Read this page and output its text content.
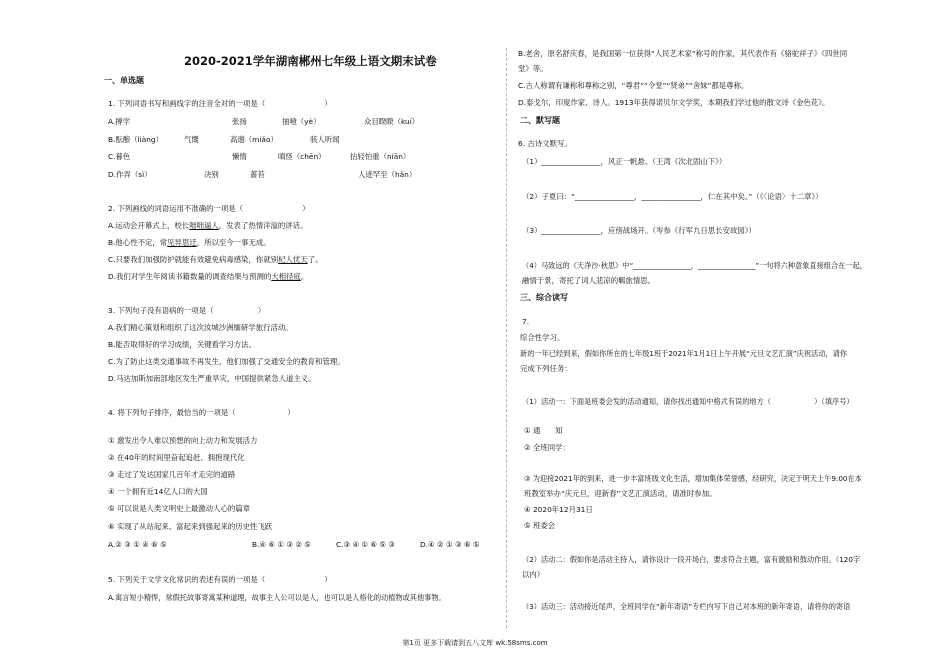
2020-2021学年湖南郴州七年级上语文期末试卷
一、单选题
1. 下列词语书写和画线字的注音全对的一项是（　　　　　　　　）
A.搏学	张扬	抽噎（yè）	众目睽睽（kuí）
B.酝酿（liàng）	气慨	高邈（miǎo）	骇人听闻
C.暮色	懒惰	嗔怪（chēn）	拈轻怕重（niān）
D.作弄（sì）	决别	蔷苔	人迹罕至（hǎn）
2. 下列画线的词语运用不准确的一项是（　　　　　　　　）
A.运动会开幕式上，校长咄咄逼人，发表了热情洋溢的讲话。
B.他心性不定，常见异思迁，所以至今一事无成。
C.只要我们加强防护就能有效避免病毒感染，你就别杞人忧天了。
D.我们对学生年阅读书籍数量的调查结果与预测的大相径庭。
3. 下列句子没有语病的一项是（　　　　　　）
A.我们精心策划和组织了这次汝城沙洲缅研学旅行活动。
B.能否取得好的学习成绩，关键看学习方法。
C.为了防止这类交通事故不再发生，他们加强了交通安全的教育和管理。
D.马达加斯加南部地区发生严重旱灾，中国提供紧急人道主义。
4. 将下列句子排序，最恰当的一项是（　　　　　　　）
① 激发出令人难以预想的向上动力和发展活力
② 在40年的时间里奋起追赶、拥抱现代化
③ 走过了发达国家几百年才走完的道路
④ 一个拥有近14亿人口的大国
⑤ 可以说是人类文明史上最激动人心的篇章
⑥ 实现了从站起来、富起来到强起来的历史性飞跃
A.② ③ ① ④ ⑥ ⑤	B.④ ⑥ ① ③ ② ⑤	C.③ ④ ① ⑥ ⑤ ③	D.④ ② ① ③ ⑥ ⑤
5. 下列关于文学文化常识的表述有误的一项是（　　　　　　　　）
A.寓言短小精悍，常假托故事寄寓某种道理，故事主人公可以是人，也可以是人格化的动植物或其他事物。
B.老舍，原名舒庆春，是我国第一位获得“人民艺术家”称号的作家，其代表作有《骆驼祥子》《四世同
堂》等。
C.古人称谓有谦称和尊称之别，“尊君”“令堂”“贤弟”“舍妹”都是尊称。
D.泰戈尔，印度作家、诗人。1913年获得诺贝尔文学奖，本期我们学过他的散文诗《金色花》。
二、默写题
6. 古诗文默写。
（1）________________，风正一帆悬。（王湾《次北固山下》）
（2）子夏曰：“________________，________________，仁在其中矣。”（《〈论语〉十二章》）
（3）________________，应傍战场开。（岑参《行军九日思长安故园》）
（4）马致远的《天净沙·秋思》中“________________，________________”一句将六种意象直接组合在一起，
融情于景，寄托了词人悲凉的羁旅情思。
三、综合读写
7.
综合性学习。
新的一年已经到来，假如你所在的七年级1班于2021年1月1日上午开展“元旦文艺汇演”庆祝活动，请你
完成下列任务：
（1）活动一：下面是班委会发的活动通知，请你找出通知中格式有误的地方（　　　　　　）（填序号）
① 通　　知
② 全班同学：
③ 为迎接2021年的到来，进一步丰富班级文化生活，增加集体荣誉感，经研究，决定于明天上午9:00在本
班教室举办“庆元旦，迎新春”文艺汇演活动，请准时参加。
④ 2020年12月31日
⑤ 班委会
（2）活动二：假如你是活动主持人，请你设计一段开场白，要求符合主题，富有激励和鼓动作用。（120字
以内）
（3）活动三：活动接近尾声，全班同学在“新年寄语”专栏内写下自己对本班的新年寄语，请将你的寄语
第1页 更多下载请到五八文库 wk.58sms.com
